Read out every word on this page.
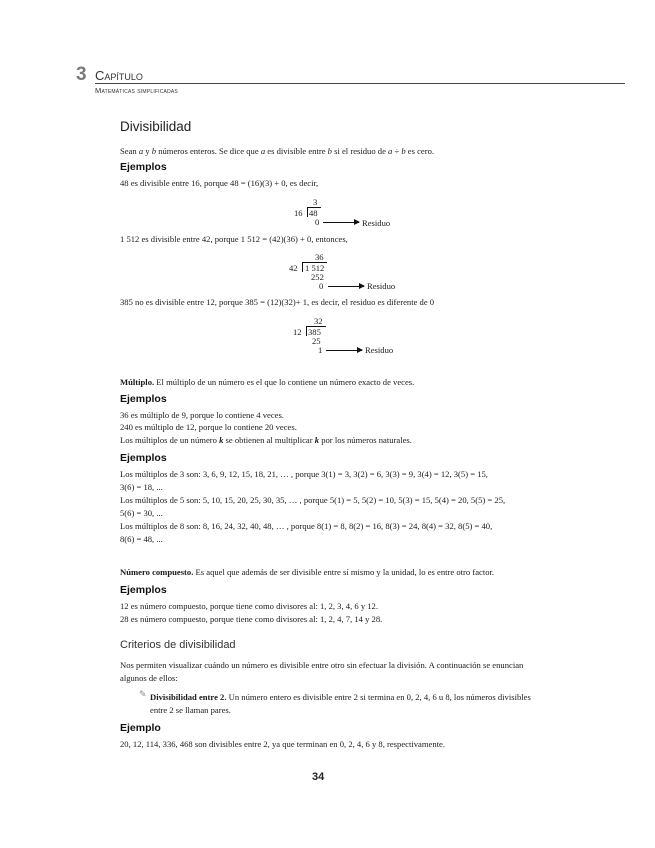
3 Capítulo
Matemáticas simplificadas
Divisibilidad
Sean a y b números enteros. Se dice que a es divisible entre b si el residuo de a ÷ b es cero.
Ejemplos
48 es divisible entre 16, porque 48 = (16)(3) + 0, es decir,
3
16 48
0	Residuo
1 512 es divisible entre 42, porque 1 512 = (42)(36) + 0, entonces,
36
42 1 512
252
0	Residuo
385 no es divisible entre 12, porque 385 = (12)(32)+ 1, es decir, el residuo es diferente de 0
32
12 385
25
1	Residuo
Múltiplo. El múltiplo de un número es el que lo contiene un número exacto de veces.
Ejemplos
36 es múltiplo de 9, porque lo contiene 4 veces.
240 es múltiplo de 12, porque lo contiene 20 veces.
Los múltiplos de un número k se obtienen al multiplicar k por los números naturales.
Ejemplos
Los múltiplos de 3 son: 3, 6, 9, 12, 15, 18, 21, … , porque 3(1) = 3, 3(2) = 6, 3(3) = 9, 3(4) = 12, 3(5) = 15,
3(6) = 18, ...
Los múltiplos de 5 son: 5, 10, 15, 20, 25, 30, 35, … , porque 5(1) = 5, 5(2) = 10, 5(3) = 15, 5(4) = 20, 5(5) = 25,
5(6) = 30, ...
Los múltiplos de 8 son: 8, 16, 24, 32, 40, 48, … , porque 8(1) = 8, 8(2) = 16, 8(3) = 24, 8(4) = 32, 8(5) = 40,
8(6) = 48, ...
Número compuesto. Es aquel que además de ser divisible entre sí mismo y la unidad, lo es entre otro factor.
Ejemplos
12 es número compuesto, porque tiene como divisores al: 1, 2, 3, 4, 6 y 12.
28 es número compuesto, porque tiene como divisores al: 1, 2, 4, 7, 14 y 28.
Criterios de divisibilidad
Nos permiten visualizar cuándo un número es divisible entre otro sin efectuar la división. A continuación se enuncian
algunos de ellos:
✎ Divisibilidad entre 2. Un número entero es divisible entre 2 si termina en 0, 2, 4, 6 u 8, los números divisibles
entre 2 se llaman pares.
Ejemplo
20, 12, 114, 336, 468 son divisibles entre 2, ya que terminan en 0, 2, 4, 6 y 8, respectivamente.
34
